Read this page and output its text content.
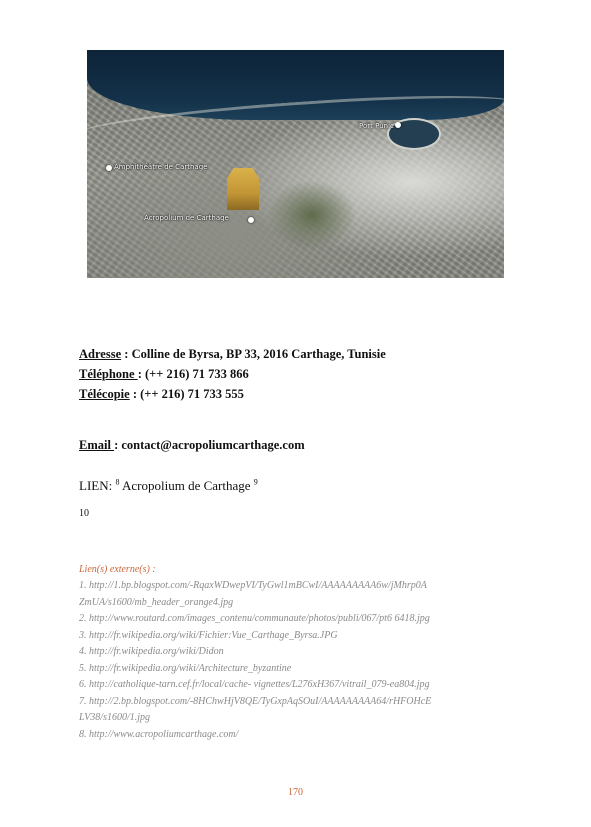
Port Punic
Amphithéâtre de Carthage
Acropolium de Carthage
Adresse : Colline de Byrsa, BP 33, 2016 Carthage, Tunisie
Téléphone : (++ 216) 71 733 866
Télécopie : (++ 216) 71 733 555
Email : contact@acropoliumcarthage.com
LIEN: $^8$ Acropolium de Carthage $^9$
10
Lien(s) externe(s) :
1. http://1.bp.blogspot.com/-RqaxWDwepVI/TyGwl1mBCwI/AAAAAAAAA6w/jMhrp0A
ZmUA/s1600/mb_header_orange4.jpg
2. http://www.routard.com/images_contenu/communaute/photos/publi/067/pt6 6418.jpg
3. http://fr.wikipedia.org/wiki/Fichier:Vue_Carthage_Byrsa.JPG
4. http://fr.wikipedia.org/wiki/Didon
5. http://fr.wikipedia.org/wiki/Architecture_byzantine
6. http://catholique-tarn.cef.fr/local/cache- vignettes/L276xH367/vitrail_079-ea804.jpg
7. http://2.bp.blogspot.com/-8HChwHjV8QE/TyGxpAqSOuI/AAAAAAAAA64/rHFOHcE
LV38/s1600/1.jpg
8. http://www.acropoliumcarthage.com/
170
